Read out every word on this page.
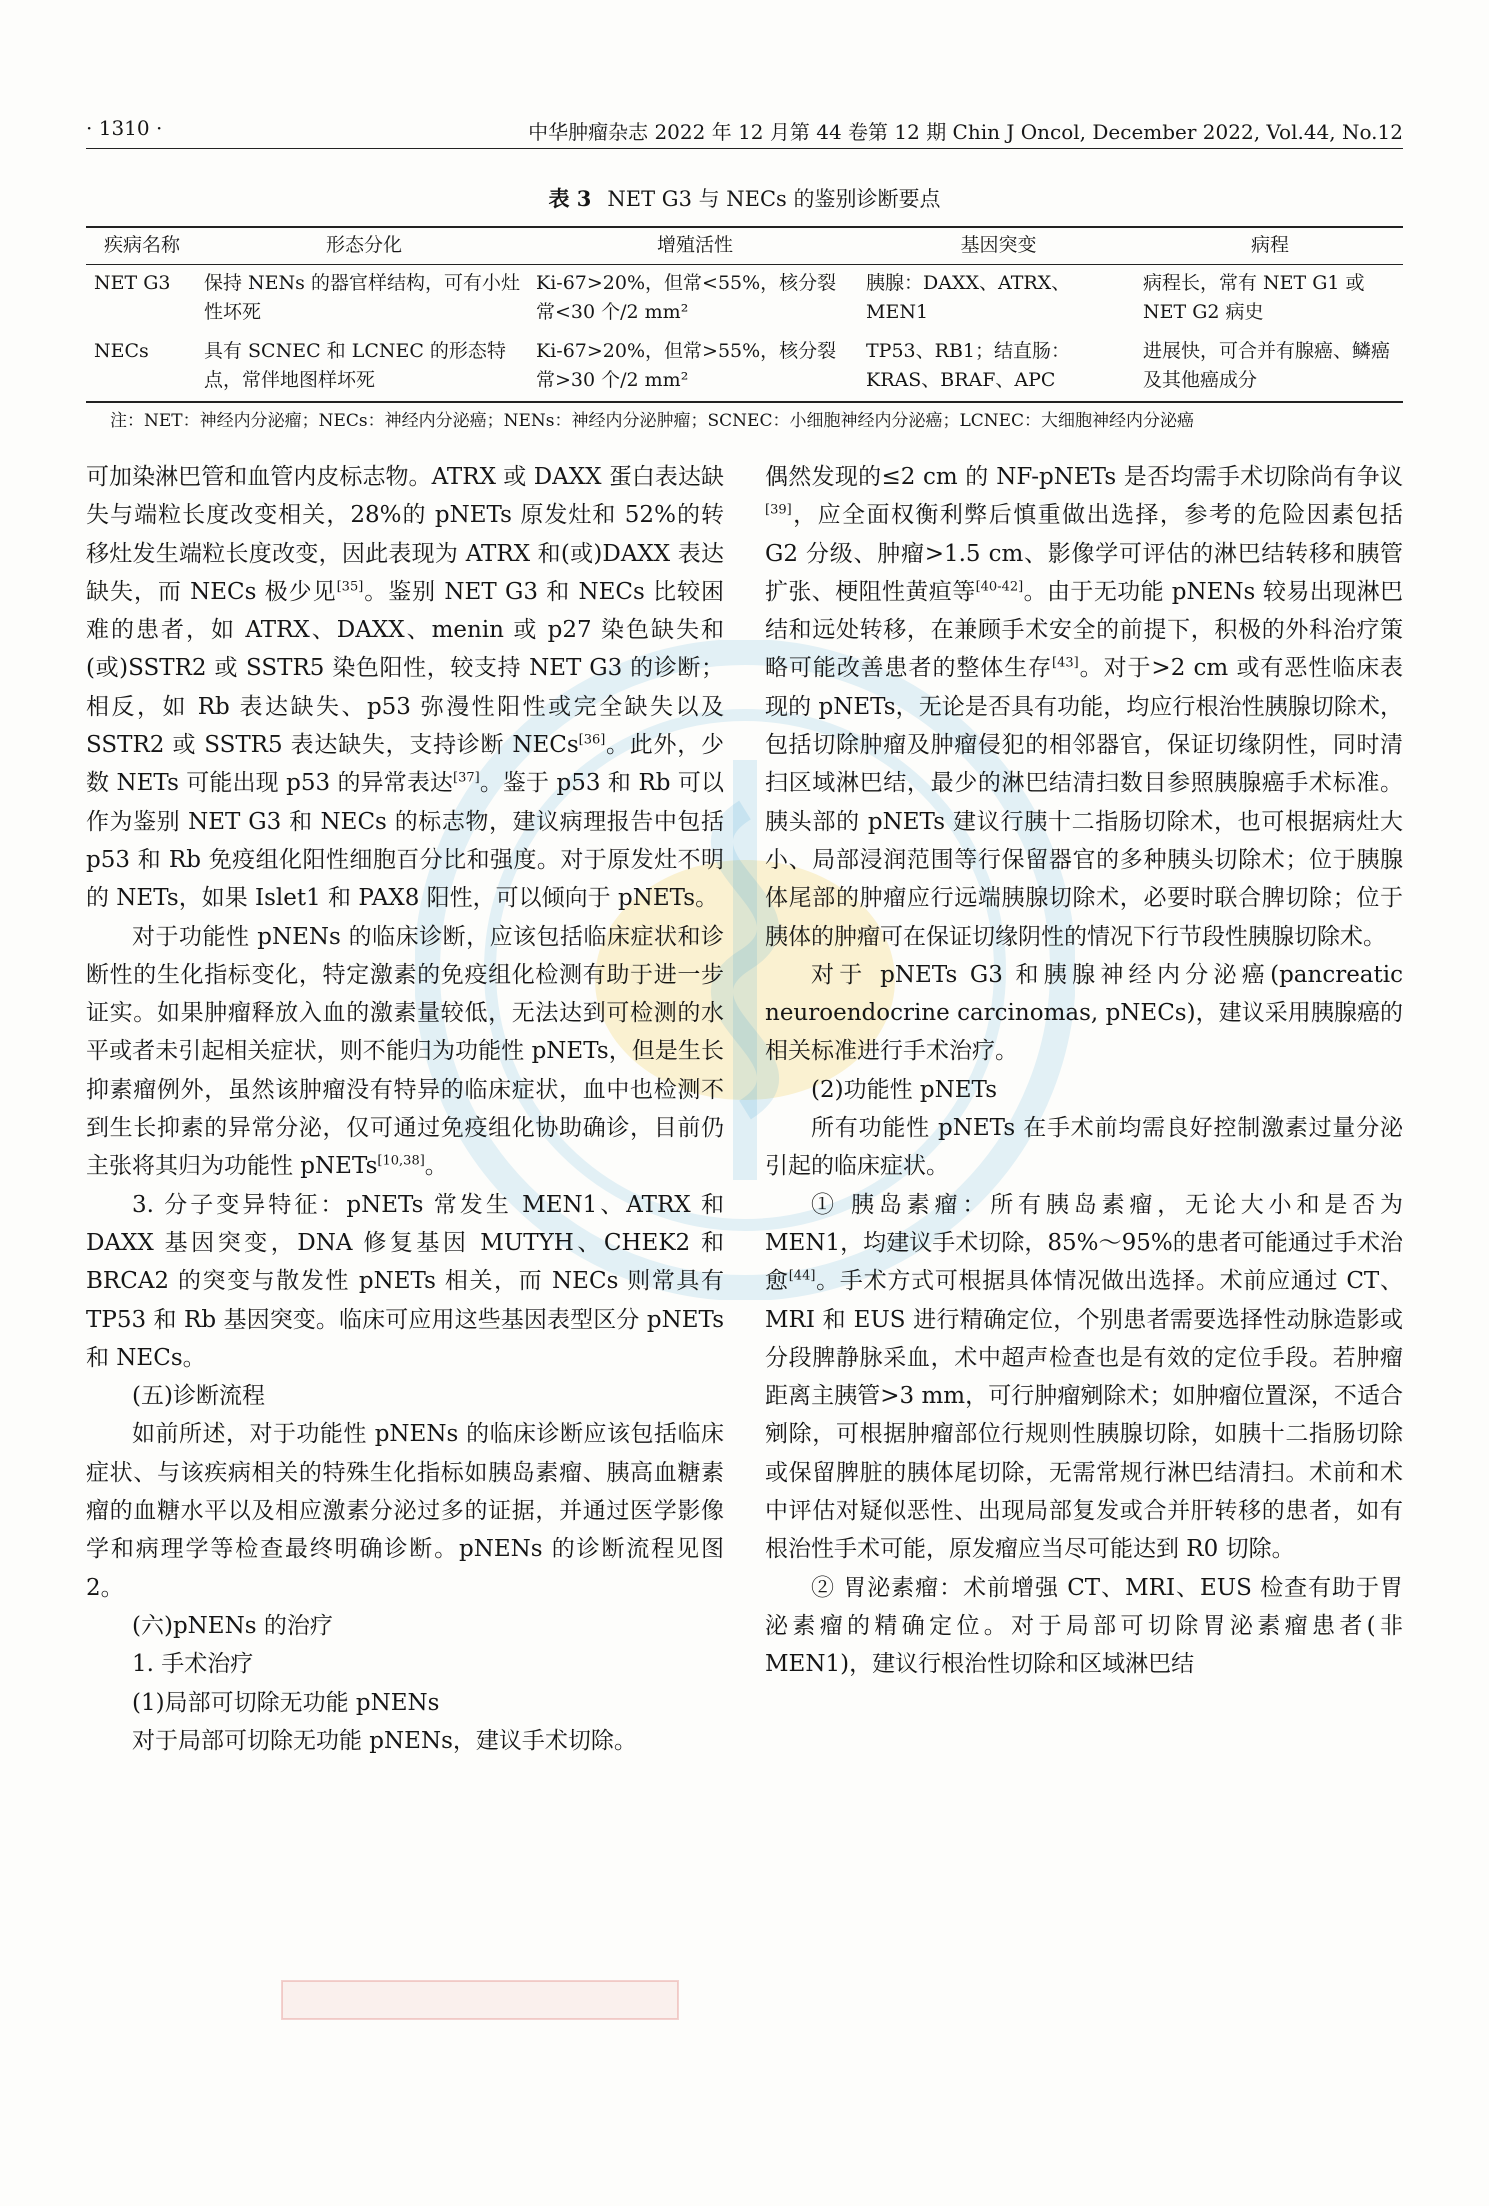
· 1310 ·	中华肿瘤杂志 2022 年 12 月第 44 卷第 12 期 Chin J Oncol, December 2022, Vol.44, No.12
表 3 NET G3 与 NECs 的鉴别诊断要点
疾病名称	形态分化	增殖活性	基因突变	病程
NET G3	保持 NENs 的器官样结构，可有小灶性坏死	Ki-67>20%，但常<55%，核分裂常<30 个/2 mm²	胰腺：DAXX、ATRX、MEN1	病程长，常有 NET G1 或 NET G2 病史
NECs	具有 SCNEC 和 LCNEC 的形态特点，常伴地图样坏死	Ki-67>20%，但常>55%，核分裂常>30 个/2 mm²	TP53、RB1；结直肠：KRAS、BRAF、APC	进展快，可合并有腺癌、鳞癌及其他癌成分
注：NET：神经内分泌瘤；NECs：神经内分泌癌；NENs：神经内分泌肿瘤；SCNEC：小细胞神经内分泌癌；LCNEC：大细胞神经内分泌癌

可加染淋巴管和血管内皮标志物。ATRX 或 DAXX 蛋白表达缺失与端粒长度改变相关，28%的 pNETs 原发灶和 52%的转移灶发生端粒长度改变，因此表现为 ATRX 和(或)DAXX 表达缺失，而 NECs 极少见[35]。鉴别 NET G3 和 NECs 比较困难的患者，如 ATRX、DAXX、menin 或 p27 染色缺失和(或)SSTR2 或 SSTR5 染色阳性，较支持 NET G3 的诊断；相反，如 Rb 表达缺失、p53 弥漫性阳性或完全缺失以及 SSTR2 或 SSTR5 表达缺失，支持诊断 NECs[36]。此外，少数 NETs 可能出现 p53 的异常表达[37]。鉴于 p53 和 Rb 可以作为鉴别 NET G3 和 NECs 的标志物，建议病理报告中包括 p53 和 Rb 免疫组化阳性细胞百分比和强度。对于原发灶不明的 NETs，如果 Islet1 和 PAX8 阳性，可以倾向于 pNETs。

对于功能性 pNENs 的临床诊断，应该包括临床症状和诊断性的生化指标变化，特定激素的免疫组化检测有助于进一步证实。如果肿瘤释放入血的激素量较低，无法达到可检测的水平或者未引起相关症状，则不能归为功能性 pNETs，但是生长抑素瘤例外，虽然该肿瘤没有特异的临床症状，血中也检测不到生长抑素的异常分泌，仅可通过免疫组化协助确诊，目前仍主张将其归为功能性 pNETs[10,38]。

3. 分子变异特征：pNETs 常发生 MEN1、ATRX 和 DAXX 基因突变，DNA 修复基因 MUTYH、CHEK2 和 BRCA2 的突变与散发性 pNETs 相关，而 NECs 则常具有 TP53 和 Rb 基因突变。临床可应用这些基因表型区分 pNETs 和 NECs。

(五)诊断流程

如前所述，对于功能性 pNENs 的临床诊断应该包括临床症状、与该疾病相关的特殊生化指标如胰岛素瘤、胰高血糖素瘤的血糖水平以及相应激素分泌过多的证据，并通过医学影像学和病理学等检查最终明确诊断。pNENs 的诊断流程见图 2。

(六)pNENs 的治疗

1. 手术治疗

(1)局部可切除无功能 pNENs

对于局部可切除无功能 pNENs，建议手术切除。

偶然发现的≤2 cm 的 NF-pNETs 是否均需手术切除尚有争议[39]，应全面权衡利弊后慎重做出选择，参考的危险因素包括 G2 分级、肿瘤>1.5 cm、影像学可评估的淋巴结转移和胰管扩张、梗阻性黄疸等[40-42]。由于无功能 pNENs 较易出现淋巴结和远处转移，在兼顾手术安全的前提下，积极的外科治疗策略可能改善患者的整体生存[43]。对于>2 cm 或有恶性临床表现的 pNETs，无论是否具有功能，均应行根治性胰腺切除术，包括切除肿瘤及肿瘤侵犯的相邻器官，保证切缘阴性，同时清扫区域淋巴结，最少的淋巴结清扫数目参照胰腺癌手术标准。胰头部的 pNETs 建议行胰十二指肠切除术，也可根据病灶大小、局部浸润范围等行保留器官的多种胰头切除术；位于胰腺体尾部的肿瘤应行远端胰腺切除术，必要时联合脾切除；位于胰体的肿瘤可在保证切缘阴性的情况下行节段性胰腺切除术。

对于 pNETs G3 和胰腺神经内分泌癌(pancreatic neuroendocrine carcinomas, pNECs)，建议采用胰腺癌的相关标准进行手术治疗。

(2)功能性 pNETs

所有功能性 pNETs 在手术前均需良好控制激素过量分泌引起的临床症状。

① 胰岛素瘤：所有胰岛素瘤，无论大小和是否为 MEN1，均建议手术切除，85%～95%的患者可能通过手术治愈[44]。手术方式可根据具体情况做出选择。术前应通过 CT、MRI 和 EUS 进行精确定位，个别患者需要选择性动脉造影或分段脾静脉采血，术中超声检查也是有效的定位手段。若肿瘤距离主胰管>3 mm，可行肿瘤剜除术；如肿瘤位置深，不适合剜除，可根据肿瘤部位行规则性胰腺切除，如胰十二指肠切除或保留脾脏的胰体尾切除，无需常规行淋巴结清扫。术前和术中评估对疑似恶性、出现局部复发或合并肝转移的患者，如有根治性手术可能，原发瘤应当尽可能达到 R0 切除。

② 胃泌素瘤：术前增强 CT、MRI、EUS 检查有助于胃泌素瘤的精确定位。对于局部可切除胃泌素瘤患者(非MEN1)，建议行根治性切除和区域淋巴结
